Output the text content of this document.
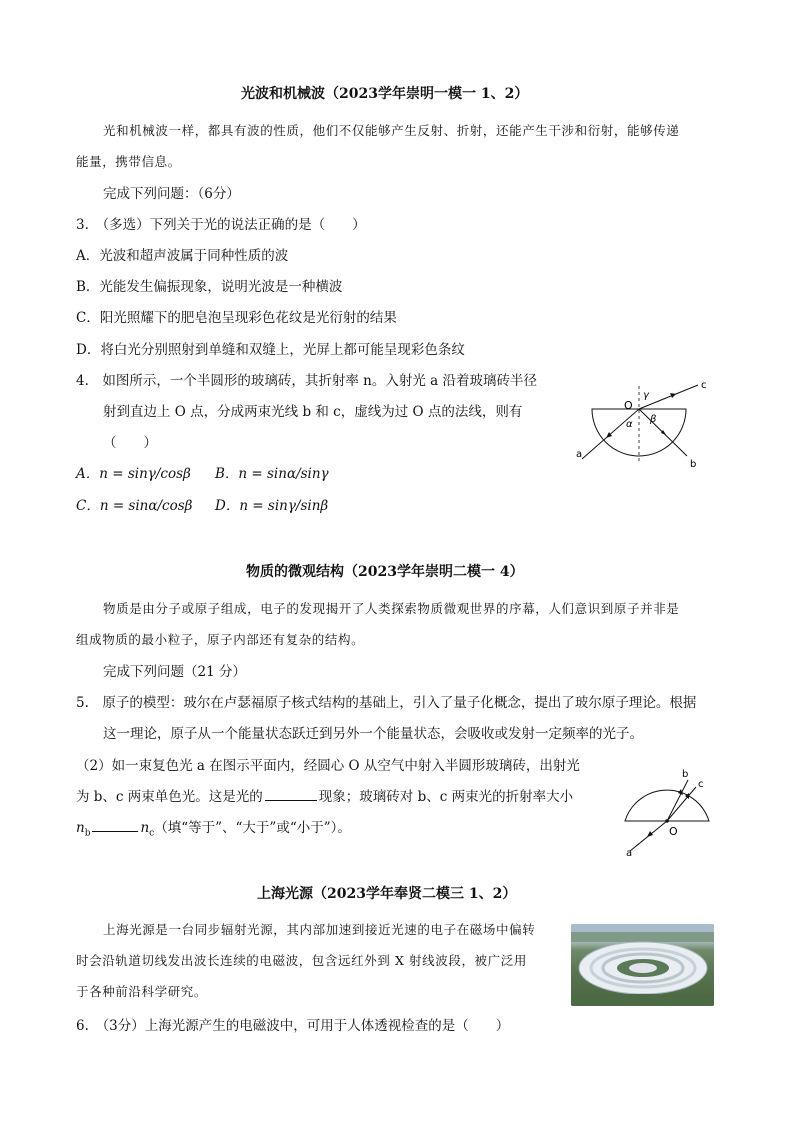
光波和机械波（2023学年崇明一模一 1、2）
光和机械波一样，都具有波的性质，他们不仅能够产生反射、折射，还能产生干涉和衍射，能够传递
能量，携带信息。
完成下列问题：（6分）
3.　（多选）下列关于光的说法正确的是（　　）
A．光波和超声波属于同种性质的波
B．光能发生偏振现象，说明光波是一种横波
C．阳光照耀下的肥皂泡呈现彩色花纹是光衍射的结果
D．将白光分别照射到单缝和双缝上，光屏上都可能呈现彩色条纹
4.　如图所示，一个半圆形的玻璃砖，其折射率 n。入射光 a 沿着玻璃砖半径
射到直边上 O 点，分成两束光线 b 和 c，虚线为过 O 点的法线，则有
（　　）
A．n = sinγ/cosβ B．n = sinα/sinγ
C．n = sinα/cosβ D．n = sinγ/sinβ
O
a
b
c
α β
γ
物质的微观结构（2023学年崇明二模一 4）
物质是由分子或原子组成，电子的发现揭开了人类探索物质微观世界的序幕，人们意识到原子并非是
组成物质的最小粒子，原子内部还有复杂的结构。
完成下列问题（21 分）
5.　原子的模型：玻尔在卢瑟福原子核式结构的基础上，引入了量子化概念，提出了玻尔原子理论。根据
这一理论，原子从一个能量状态跃迁到另外一个能量状态，会吸收或发射一定频率的光子。
（2）如一束复色光 a 在图示平面内，经圆心 O 从空气中射入半圆形玻璃砖，出射光
为 b、c 两束单色光。这是光的	现象；玻璃砖对 b、c 两束光的折射率大小
$n_b$	$n_c$（填“等于”、“大于”或“小于”）。	O
a
b
c
上海光源（2023学年奉贤二模三 1、2）
上海光源是一台同步辐射光源，其内部加速到接近光速的电子在磁场中偏转
时会沿轨道切线发出波长连续的电磁波，包含远红外到 X 射线波段，被广泛用
于各种前沿科学研究。
6.　（3分）上海光源产生的电磁波中，可用于人体透视检查的是（　　）
